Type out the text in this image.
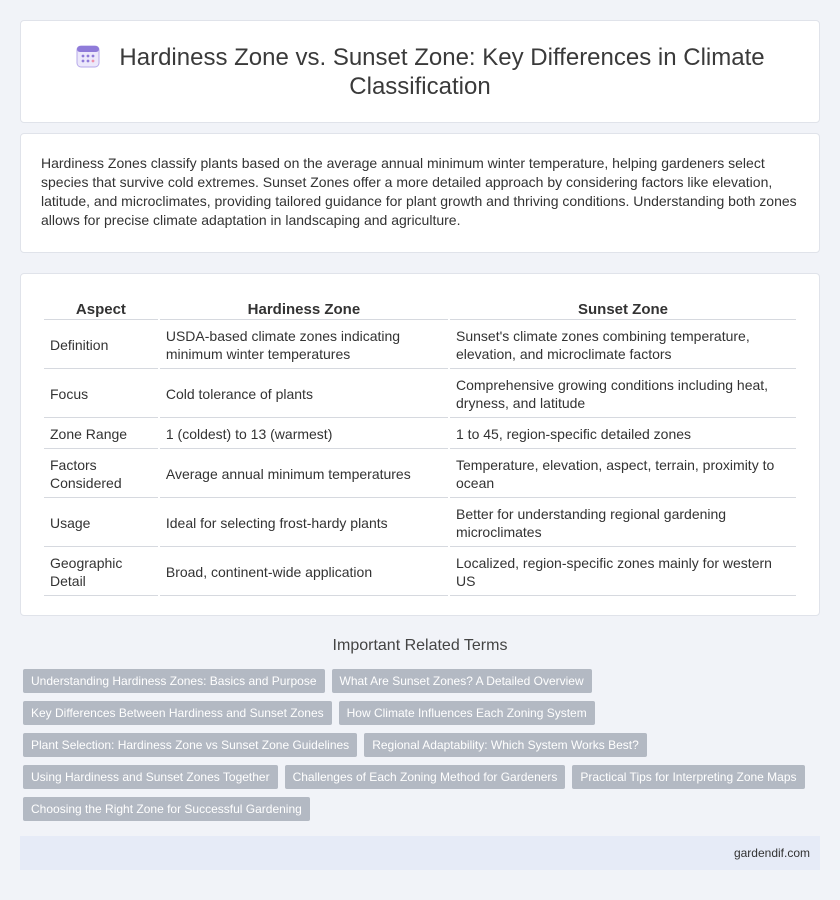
Hardiness Zone vs. Sunset Zone: Key Differences in Climate Classification

Hardiness Zones classify plants based on the average annual minimum winter temperature, helping gardeners select species that survive cold extremes. Sunset Zones offer a more detailed approach by considering factors like elevation, latitude, and microclimates, providing tailored guidance for plant growth and thriving conditions. Understanding both zones allows for precise climate adaptation in landscaping and agriculture.

Aspect	Hardiness Zone	Sunset Zone
Definition	USDA-based climate zones indicating minimum winter temperatures	Sunset's climate zones combining temperature, elevation, and microclimate factors
Focus	Cold tolerance of plants	Comprehensive growing conditions including heat, dryness, and latitude
Zone Range	1 (coldest) to 13 (warmest)	1 to 45, region-specific detailed zones
Factors Considered	Average annual minimum temperatures	Temperature, elevation, aspect, terrain, proximity to ocean
Usage	Ideal for selecting frost-hardy plants	Better for understanding regional gardening microclimates
Geographic Detail	Broad, continent-wide application	Localized, region-specific zones mainly for western US
Important Related Terms
Understanding Hardiness Zones: Basics and Purpose	What Are Sunset Zones? A Detailed Overview
Key Differences Between Hardiness and Sunset Zones	How Climate Influences Each Zoning System
Plant Selection: Hardiness Zone vs Sunset Zone Guidelines	Regional Adaptability: Which System Works Best?
Using Hardiness and Sunset Zones Together	Challenges of Each Zoning Method for Gardeners	Practical Tips for Interpreting Zone Maps
Choosing the Right Zone for Successful Gardening
gardendif.com
